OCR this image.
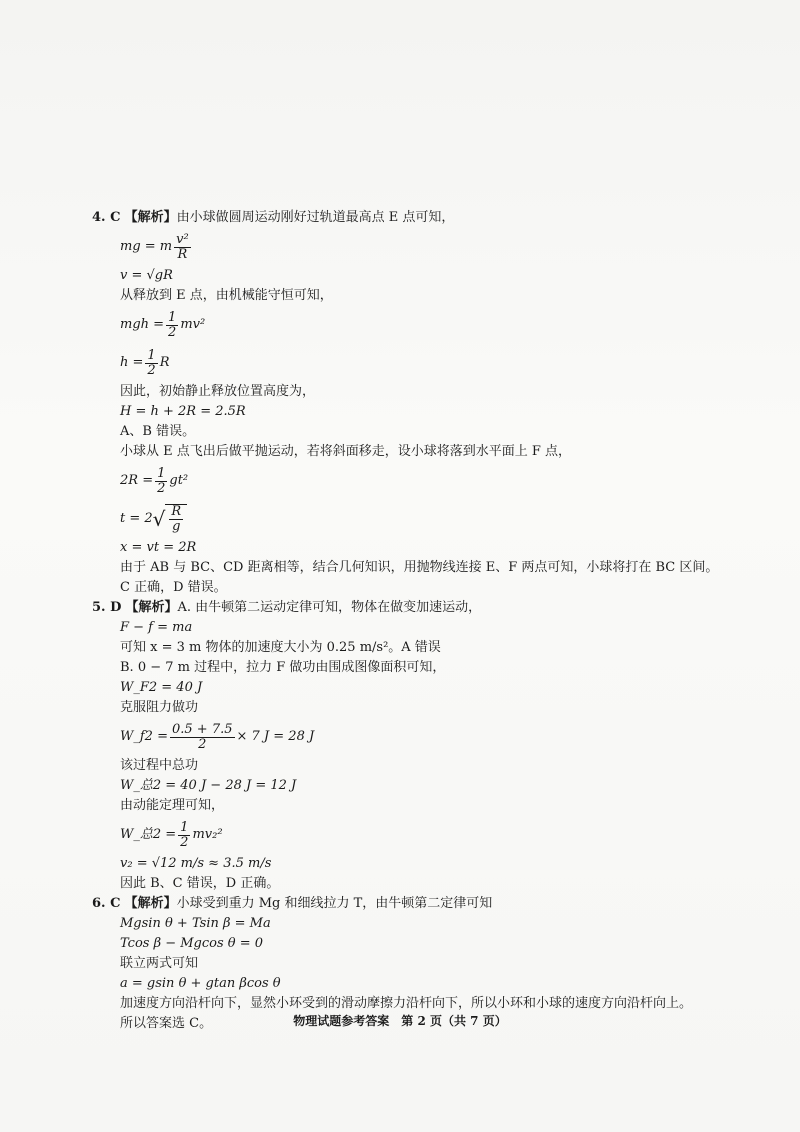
4. C 【解析】由小球做圆周运动刚好过轨道最高点 E 点可知，
mg = m $\frac{\text{v²}}{R}$
v = √gR
从释放到 E 点，由机械能守恒可知，
mgh = $\frac{1}{2} mv^2$
$h = \frac{1}{2}$ R
因此，初始静止释放位置高度为，
H = h + 2R = 2.5R
A、B 错误。
小球从 E 点飞出后做平抛运动，若将斜面移走，设小球将落到水平面上 F 点，
$2R = \frac{1}{2} gt^2$
t = 2 √ $\frac{R}{g}$
x = vt = 2R
由于 AB 与 BC、CD 距离相等，结合几何知识，用抛物线连接 E、F 两点可知，小球将打在 BC 区间。
C 正确，D 错误。
5. D 【解析】A. 由牛顿第二运动定律可知，物体在做变加速运动，
F − f = ma
可知 x = 3 m 物体的加速度大小为 0.25 m/s²。A 错误
B. 0 − 7 m 过程中，拉力 F 做功由围成图像面积可知，
W_F2 = 40 J
克服阻力做功
W_f2 = $\frac{0.5 + 7.5}{2} \times 7$ J = 28 J
该过程中总功
W_总2 = 40 J − 28 J = 12 J
由动能定理可知，
W_总$2 = \frac{1}{2} mv_2^2$
v₂ = √12 m/s ≈ 3.5 m/s
因此 B、C 错误，D 正确。
6. C 【解析】小球受到重力 Mg 和细线拉力 T，由牛顿第二定律可知
Mgsin θ + Tsin β = Ma
Tcos β − Mgcos θ = 0
联立两式可知
a = gsin θ + gtan βcos θ
加速度方向沿杆向下，显然小环受到的滑动摩擦力沿杆向下，所以小环和小球的速度方向沿杆向上。
所以答案选 C。	物理试题参考答案　第 2 页（共 7 页）
